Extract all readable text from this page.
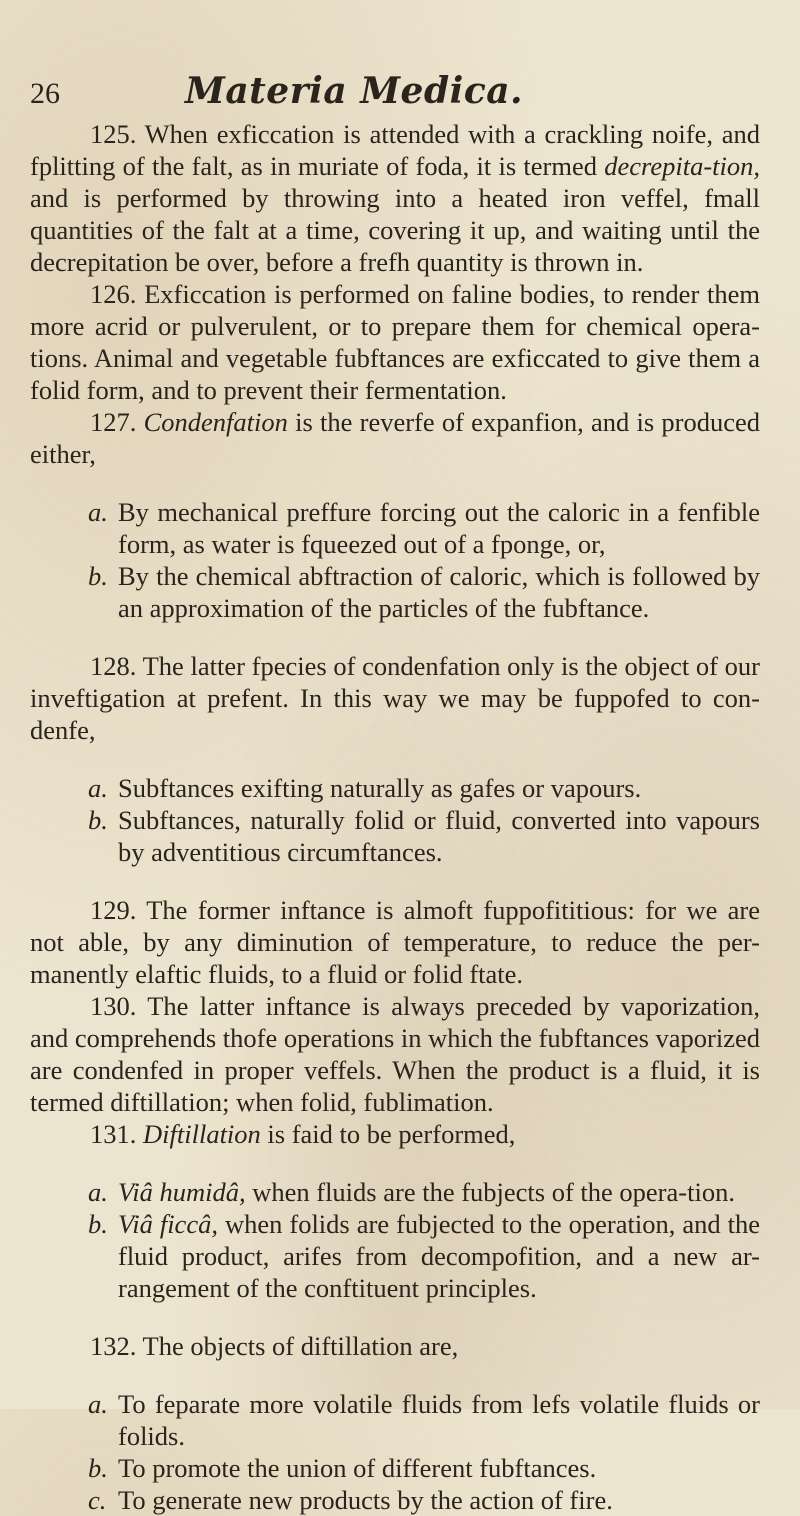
26	Materia Medica.

125. When exficcation is attended with a crackling noife, and fplitting of the falt, as in muriate of foda, it is termed decrepita-tion, and is performed by throwing into a heated iron veffel, fmall quantities of the falt at a time, covering it up, and waiting until the decrepitation be over, before a frefh quantity is thrown in.

126. Exficcation is performed on faline bodies, to render them more acrid or pulverulent, or to prepare them for chemical opera-tions. Animal and vegetable fubftances are exficcated to give them a folid form, and to prevent their fermentation.

127. Condenfation is the reverfe of expanfion, and is produced either,

a. By mechanical preffure forcing out the caloric in a fenfible form, as water is fqueezed out of a fponge, or,

b. By the chemical abftraction of caloric, which is followed by an approximation of the particles of the fubftance.

128. The latter fpecies of condenfation only is the object of our inveftigation at prefent. In this way we may be fuppofed to con-denfe,

a. Subftances exifting naturally as gafes or vapours.

b. Subftances, naturally folid or fluid, converted into vapours by adventitious circumftances.

129. The former inftance is almoft fuppofititious: for we are not able, by any diminution of temperature, to reduce the per-manently elaftic fluids, to a fluid or folid ftate.

130. The latter inftance is always preceded by vaporization, and comprehends thofe operations in which the fubftances vaporized are condenfed in proper veffels. When the product is a fluid, it is termed diftillation; when folid, fublimation.

131. Diftillation is faid to be performed,

a. Viâ humidâ, when fluids are the fubjects of the opera-tion.

b. Viâ ficcâ, when folids are fubjected to the operation, and the fluid product, arifes from decompofition, and a new ar-rangement of the conftituent principles.

132. The objects of diftillation are,

a. To feparate more volatile fluids from lefs volatile fluids or folids.

b. To promote the union of different fubftances.

c. To generate new products by the action of fire.
